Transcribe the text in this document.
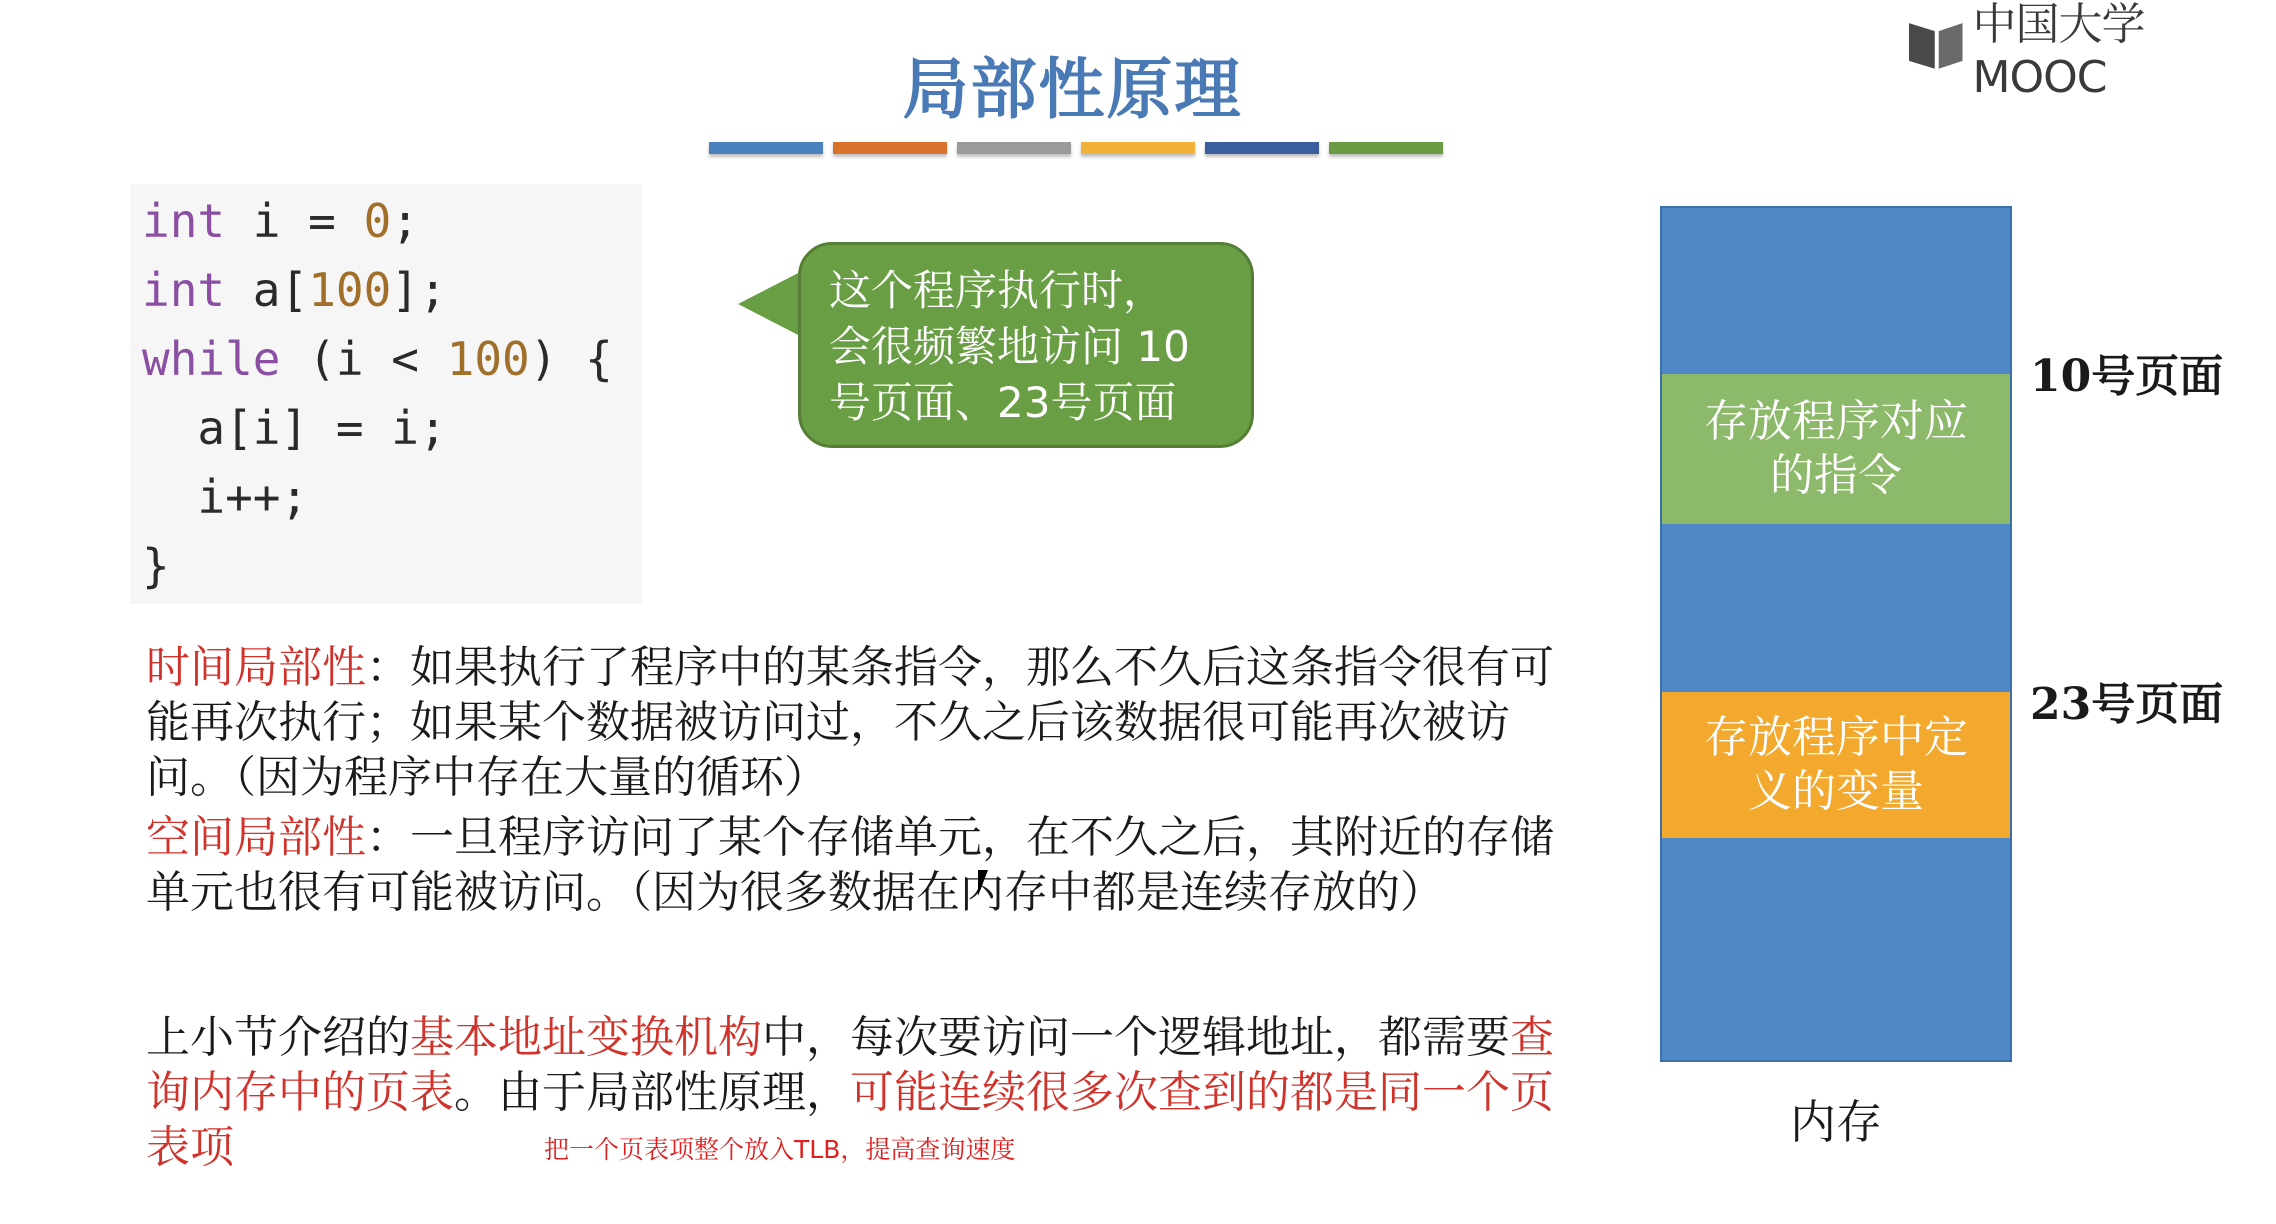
中国大学MOOC
局部性原理
int i = 0;
int a[100];
while (i < 100) {
a[i] = i;
i++;
}
这个程序执行时，
会很频繁地访问 10
号页面、23号页面
时间局部性：如果执行了程序中的某条指令，那么不久后这条指令很有可能再次执行；如果某个数据被访问过，不久之后该数据很可能再次被访问。（因为程序中存在大量的循环）
空间局部性：一旦程序访问了某个存储单元，在不久之后，其附近的存储单元也很有可能被访问。（因为很多数据在内存中都是连续存放的）
上小节介绍的基本地址变换机构中，每次要访问一个逻辑地址，都需要查询内存中的页表。由于局部性原理，可能连续很多次查到的都是同一个页表项	把一个页表项整个放入TLB，提高查询速度
存放程序对应
的指令
存放程序中定
义的变量
10号页面
23号页面
内存
